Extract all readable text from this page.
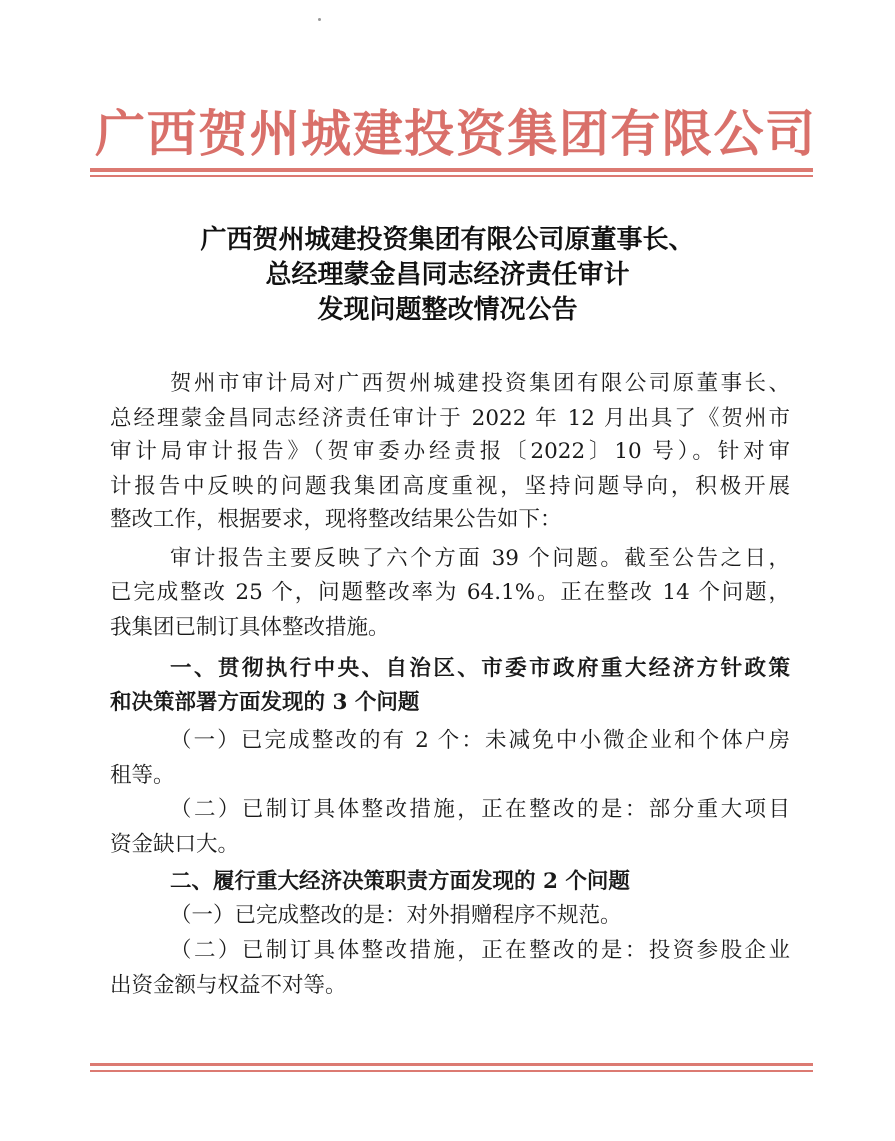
广西贺州城建投资集团有限公司
广西贺州城建投资集团有限公司原董事长、
总经理蒙金昌同志经济责任审计
发现问题整改情况公告
贺州市审计局对广西贺州城建投资集团有限公司原董事长、
总经理蒙金昌同志经济责任审计于 2022 年 12 月出具了《贺州市
审计局审计报告》（贺审委办经责报〔2022〕10 号）。针对审
计报告中反映的问题我集团高度重视，坚持问题导向，积极开展
整改工作，根据要求，现将整改结果公告如下：
审计报告主要反映了六个方面 39 个问题。截至公告之日，
已完成整改 25 个，问题整改率为 64.1%。正在整改 14 个问题，
我集团已制订具体整改措施。
一、贯彻执行中央、自治区、市委市政府重大经济方针政策
和决策部署方面发现的 3 个问题
（一）已完成整改的有 2 个：未减免中小微企业和个体户房
租等。
（二）已制订具体整改措施，正在整改的是：部分重大项目
资金缺口大。
二、履行重大经济决策职责方面发现的 2 个问题
（一）已完成整改的是：对外捐赠程序不规范。
（二）已制订具体整改措施，正在整改的是：投资参股企业
出资金额与权益不对等。
